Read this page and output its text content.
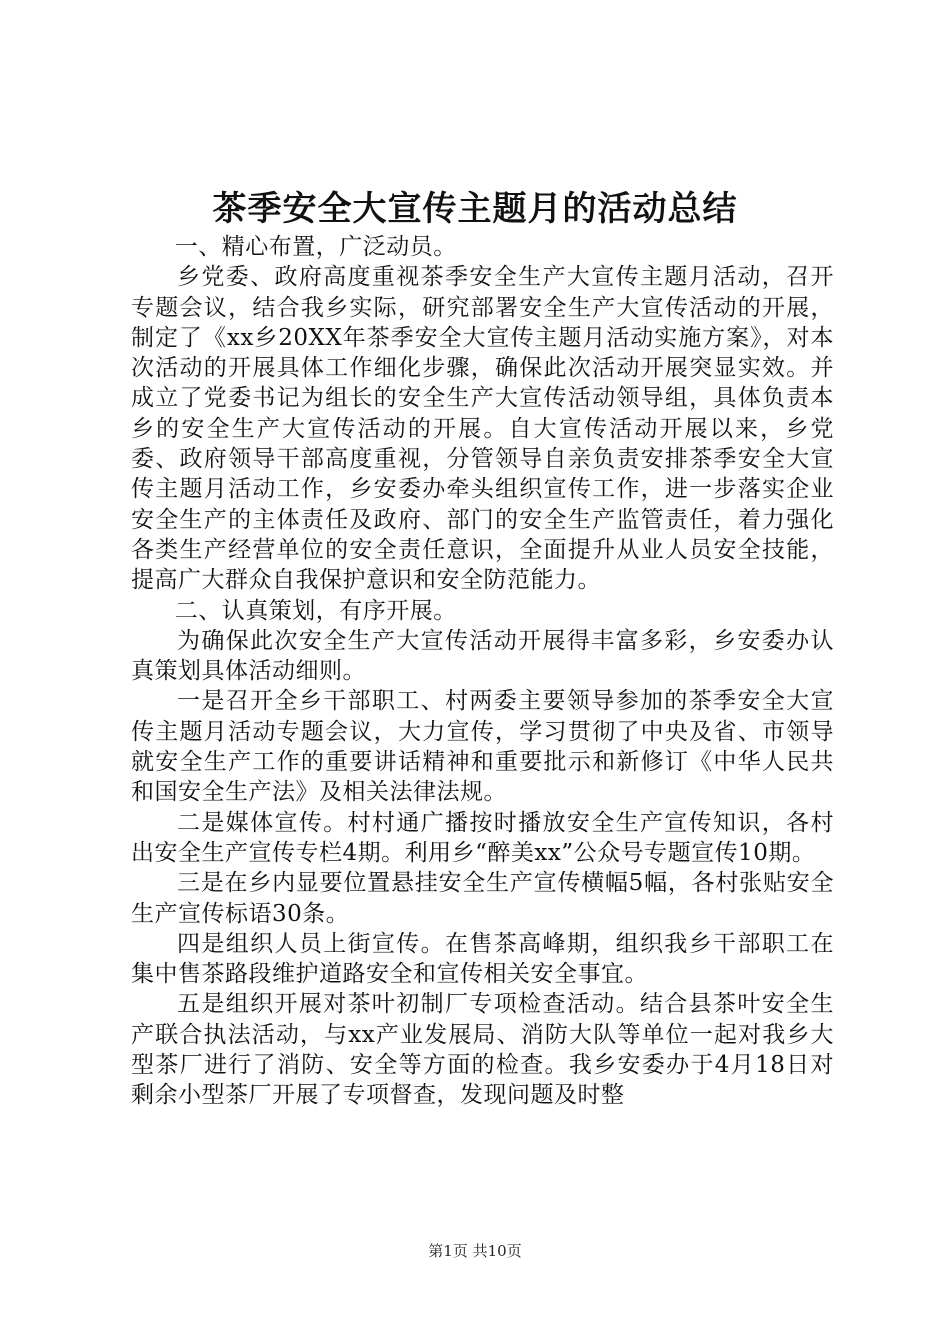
茶季安全大宣传主题月的活动总结

一、精心布置，广泛动员。

乡党委、政府高度重视茶季安全生产大宣传主题月活动，召开专题会议，结合我乡实际，研究部署安全生产大宣传活动的开展，制定了《xx乡20XX年茶季安全大宣传主题月活动实施方案》，对本次活动的开展具体工作细化步骤，确保此次活动开展突显实效。并成立了党委书记为组长的安全生产大宣传活动领导组，具体负责本乡的安全生产大宣传活动的开展。自大宣传活动开展以来，乡党委、政府领导干部高度重视，分管领导自亲负责安排茶季安全大宣传主题月活动工作，乡安委办牵头组织宣传工作，进一步落实企业安全生产的主体责任及政府、部门的安全生产监管责任，着力强化各类生产经营单位的安全责任意识，全面提升从业人员安全技能，提高广大群众自我保护意识和安全防范能力。

二、认真策划，有序开展。

为确保此次安全生产大宣传活动开展得丰富多彩，乡安委办认真策划具体活动细则。

一是召开全乡干部职工、村两委主要领导参加的茶季安全大宣传主题月活动专题会议，大力宣传，学习贯彻了中央及省、市领导就安全生产工作的重要讲话精神和重要批示和新修订《中华人民共和国安全生产法》及相关法律法规。

二是媒体宣传。村村通广播按时播放安全生产宣传知识，各村出安全生产宣传专栏4期。利用乡“醉美xx”公众号专题宣传10期。

三是在乡内显要位置悬挂安全生产宣传横幅5幅，各村张贴安全生产宣传标语30条。

四是组织人员上街宣传。在售茶高峰期，组织我乡干部职工在集中售茶路段维护道路安全和宣传相关安全事宜。

五是组织开展对茶叶初制厂专项检查活动。结合县茶叶安全生产联合执法活动，与xx产业发展局、消防大队等单位一起对我乡大型茶厂进行了消防、安全等方面的检查。我乡安委办于4月18日对剩余小型茶厂开展了专项督查，发现问题及时整

第1页 共10页
